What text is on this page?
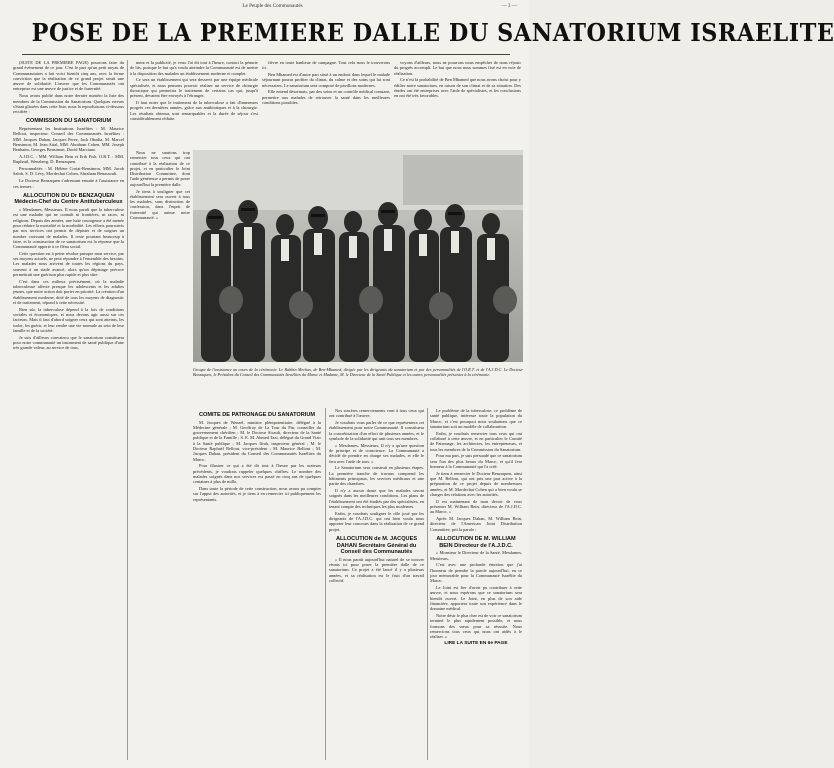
Le Peuple des Communautés	— 3 —
POSE DE LA PREMIERE DALLE DU SANATORIUM ISRAELITE

(SUITE DE LA PREMIERE PAGE) pourrons faire du grand événement de ce jour. C'est le pari qu'un petit noyau de Communautaires a fait voici bientôt cinq ans, avec la ferme conviction que la réalisation de ce grand projet serait une œuvre de solidarité. L'œuvre que les Communautés ont entreprise est une œuvre de justice et de fraternité.

Nous avons publié dans notre dernier numéro la liste des membres de la Commission du Sanatorium. Quelques erreurs s'étant glissées dans cette liste, nous la reproduisons ci-dessous rectifiée :

COMMISSION DU SANATORIUM

Représentant les Institutions Israélites : M. Maurice Bellout, inspecteur. Conseil des Communautés Israélites : MM. Jacques Dahan, Jacques Perez, Jack Obadia, M. Marcel Bensimon, M. Jean Attal, MM. Abraham Cohen, MM. Joseph Benhaïm, Georges Bensimon, David Marciano.

A.J.D.C. : MM. William Bein et Erik Fish. O.R.T. : MM. Ruphrail, Wenzberg, D. Benzaquen.

Personnalités : M. Hélène Coriat-Bensimon, MM. Jacob Saloh, S. D. Lévy, Mordechai Cohen, Abraham Benassouli.

Le Docteur Benzaquen s'adressant ensuite à l'assistance en ces termes :

ALLOCUTION DU Dr BENZAQUEN Médecin-Chef du Centre Antituberculeux

« Mesdames, Messieurs, Il nous paraît que la tuberculose est une maladie qui ne connaît ni frontières, ni races, ni religions. Depuis des années, une lutte courageuse a été menée pour réduire la mortalité et la morbidité. Les efforts poursuivis par nos services ont permis de dépister et de soigner un nombre croissant de malades. Il reste pourtant beaucoup à faire, et la construction de ce sanatorium est la réponse que la Communauté apporte à ce fléau social.

Cette question est à peine résolue puisque mon service, par ses moyens actuels, ne peut répondre à l'ensemble des besoins. Les malades nous arrivent de toutes les régions du pays, souvent à un stade avancé, alors qu'un dépistage précoce permettrait une guérison plus rapide et plus sûre.

C'est dans ces milieux précisément, où la maladie tuberculeuse affecte presque les adolescents et les adultes jeunes, que notre action doit porter en priorité. La création d'un établissement moderne, doté de tous les moyens de diagnostic et de traitement, répond à cette nécessité.

Bien sûr, la tuberculose dépend à la fois de conditions sociales et économiques, et nous devons agir aussi sur ces facteurs. Mais il faut d'abord soigner ceux qui sont atteints, les isoler, les guérir, et leur rendre une vie normale au sein de leur famille et de la société.

Je suis d'ailleurs convaincu que le sanatorium constituera pour notre communauté un instrument de santé publique d'une très grande valeur, au service de tous.

ment et la publicité, je veux l'ai dit tout à l'heure, contact la pénurie de lits, puisque le but qu'a voulu atteindre la Communauté est de mettre à la disposition des malades un établissement moderne et complet.

Ce sera un établissement qui sera desservi par une équipe médicale spécialisée, et nous pensons pouvoir réaliser un service de chirurgie thoracique qui permettra le traitement de certains cas qui, jusqu'à présent, devaient être envoyés à l'étranger.

Il faut noter que le traitement de la tuberculose a fait d'immenses progrès ces dernières années, grâce aux antibiotiques et à la chirurgie. Les résultats obtenus sont remarquables et la durée de séjour s'est considérablement réduite.

fièvre en toute banlieue de campagne. Tout cela nous le trouverons ici.

Ben Mhamed est d'autre part situé à un endroit dans lequel le malade séjournant pourra profiter du climat, du calme et des soins qui lui sont nécessaires. Le sanatorium sera composé de pavillons modernes.

Elle entend désormais, par des soins et un contrôle médical constant, permettre aux malades de retrouver la santé dans les meilleures conditions possibles.

voyons d'ailleurs, nous ne pourrons nous empêcher de nous réjouir du progrès accompli. Le but que nous nous sommes fixé est en voie de réalisation.

Ce n'est la probabilité de Ben Mhamed que nous avons choisi pour y édifier notre sanatorium, en raison de son climat et de sa situation. Des études ont été entreprises avec l'aide de spécialistes, et les conclusions en ont été très favorables.

Nous ne saurions trop remercier tous ceux qui ont contribué à la réalisation de ce projet, et en particulier le Joint Distribution Committee, dont l'aide généreuse a permis de poser aujourd'hui la première dalle.

Je tiens à souligner que cet établissement sera ouvert à tous les malades, sans distinction de confession, dans l'esprit de fraternité qui anime notre Communauté. »

Groupe de l'assistance au cours de la cérémonie. Le Rabbin Mechas, de Ben-Mhamed, dirigée par les dirigeants du sanatorium et par des personnalités de l'O.R.T. et de l'A.J.D.C. Le Docteur Benzaquen, le Président du Conseil des Communautés Israélites du Maroc et Madame, M. le Directeur de la Santé Publique et les autres personnalités présentes à la cérémonie.
COMITE DE PATRONAGE DU SANATORIUM

M. Jacques de Wenzel, ministre plénipotentiaire, délégué à la Médecine générale ; M. Geoffroy de La Tour du Pin, conseiller du gouvernement chérifien ; M. le Docteur Sicault, directeur de la Santé publique et de la Famille ; S. E. M. Ahmed Tazi, délégué du Grand Vizir à la Santé publique ; M. Jacques Ifrah, inspecteur général ; M. le Docteur Raphaël Bellout, vice-président ; M. Maurice Bellout ; M. Jacques Dahan, président du Conseil des Communautés Israélites du Maroc.

Pour illustrer ce qui a été dit tout à l'heure par les orateurs précédents, je voudrais rappeler quelques chiffres. Le nombre des malades soignés dans nos services est passé en cinq ans de quelques centaines à plus de mille.

Dans toute la période de cette construction, nous avons pu compter sur l'appui des autorités, et je tiens à en remercier ici publiquement les représentants.

Nos sincères remerciements vont à tous ceux qui ont contribué à l'œuvre.

Je voudrais vous parler de ce que représentera cet établissement pour notre Communauté. Il constituera la concrétisation d'un effort de plusieurs années, et le symbole de la solidarité qui unit tous ses membres.

« Mesdames, Messieurs, Il n'y a qu'une question de principe et de conscience. La Communauté a décidé de prendre en charge ses malades, et elle le fera avec l'aide de tous. »

Le Sanatorium sera construit en plusieurs étapes. La première tranche de travaux comprend les bâtiments principaux, les services médicaux et une partie des chambres.

Il n'y a aucun doute que les malades seront soignés dans les meilleures conditions. Les plans de l'établissement ont été étudiés par des spécialistes, en tenant compte des techniques les plus modernes.

Enfin, je voudrais souligner le rôle joué par les dirigeants de l'A.J.D.C. qui ont bien voulu nous apporter leur concours dans la réalisation de ce grand projet.

ALLOCUTION de M. JACQUES DAHAN Secrétaire Général du Conseil des Communautés

« Il nous paraît aujourd'hui naturel de se trouver réunis ici pour poser la première dalle de ce sanatorium. Ce projet a été lancé il y a plusieurs années, et sa réalisation est le fruit d'un travail collectif.

Le problème de la tuberculose, ce problème de santé publique, intéresse toute la population du Maroc, et c'est pourquoi nous souhaitons que ce sanatorium soit un modèle de collaboration.

Enfin, je voudrais remercier tous ceux qui ont collaboré à cette œuvre, et en particulier le Comité de Patronage, les architectes, les entrepreneurs, et tous les membres de la Commission du Sanatorium.

Pour ma part, je suis persuadé que ce sanatorium sera l'un des plus beaux du Maroc, et qu'il fera honneur à la Communauté qui l'a créé.

Je tiens à remercier le Docteur Benzaquen, ainsi que M. Bellout, qui ont pris une part active à la préparation de ce projet depuis de nombreuses années, et M. Mordechai Cohen qui a bien voulu se charger des relations avec les autorités.

Il est maintenant de mon devoir de vous présenter M. William Bein, directeur de l'A.J.D.C. au Maroc. »

Après M. Jacques Dahan, M. William Bein, directeur de l'American Joint Distribution Committee, prit la parole :

ALLOCUTION DE M. WILLIAM BEIN Directeur de l'A.J.D.C.

« Monsieur le Directeur de la Santé, Mesdames, Messieurs,

C'est avec une profonde émotion que j'ai l'honneur de prendre la parole aujourd'hui, en ce jour mémorable pour la Communauté Israélite du Maroc.

Le Joint est fier d'avoir pu contribuer à cette œuvre, et nous espérons que ce sanatorium sera bientôt ouvert. Le Joint, en plus de son aide financière, apportera toute son expérience dans le domaine médical.

Notre désir le plus cher est de voir ce sanatorium terminé le plus rapidement possible, et nous formons des vœux pour sa réussite. Nous remercions tous ceux qui nous ont aidés à le réaliser. »

LIRE LA SUITE EN 6e PAGE
